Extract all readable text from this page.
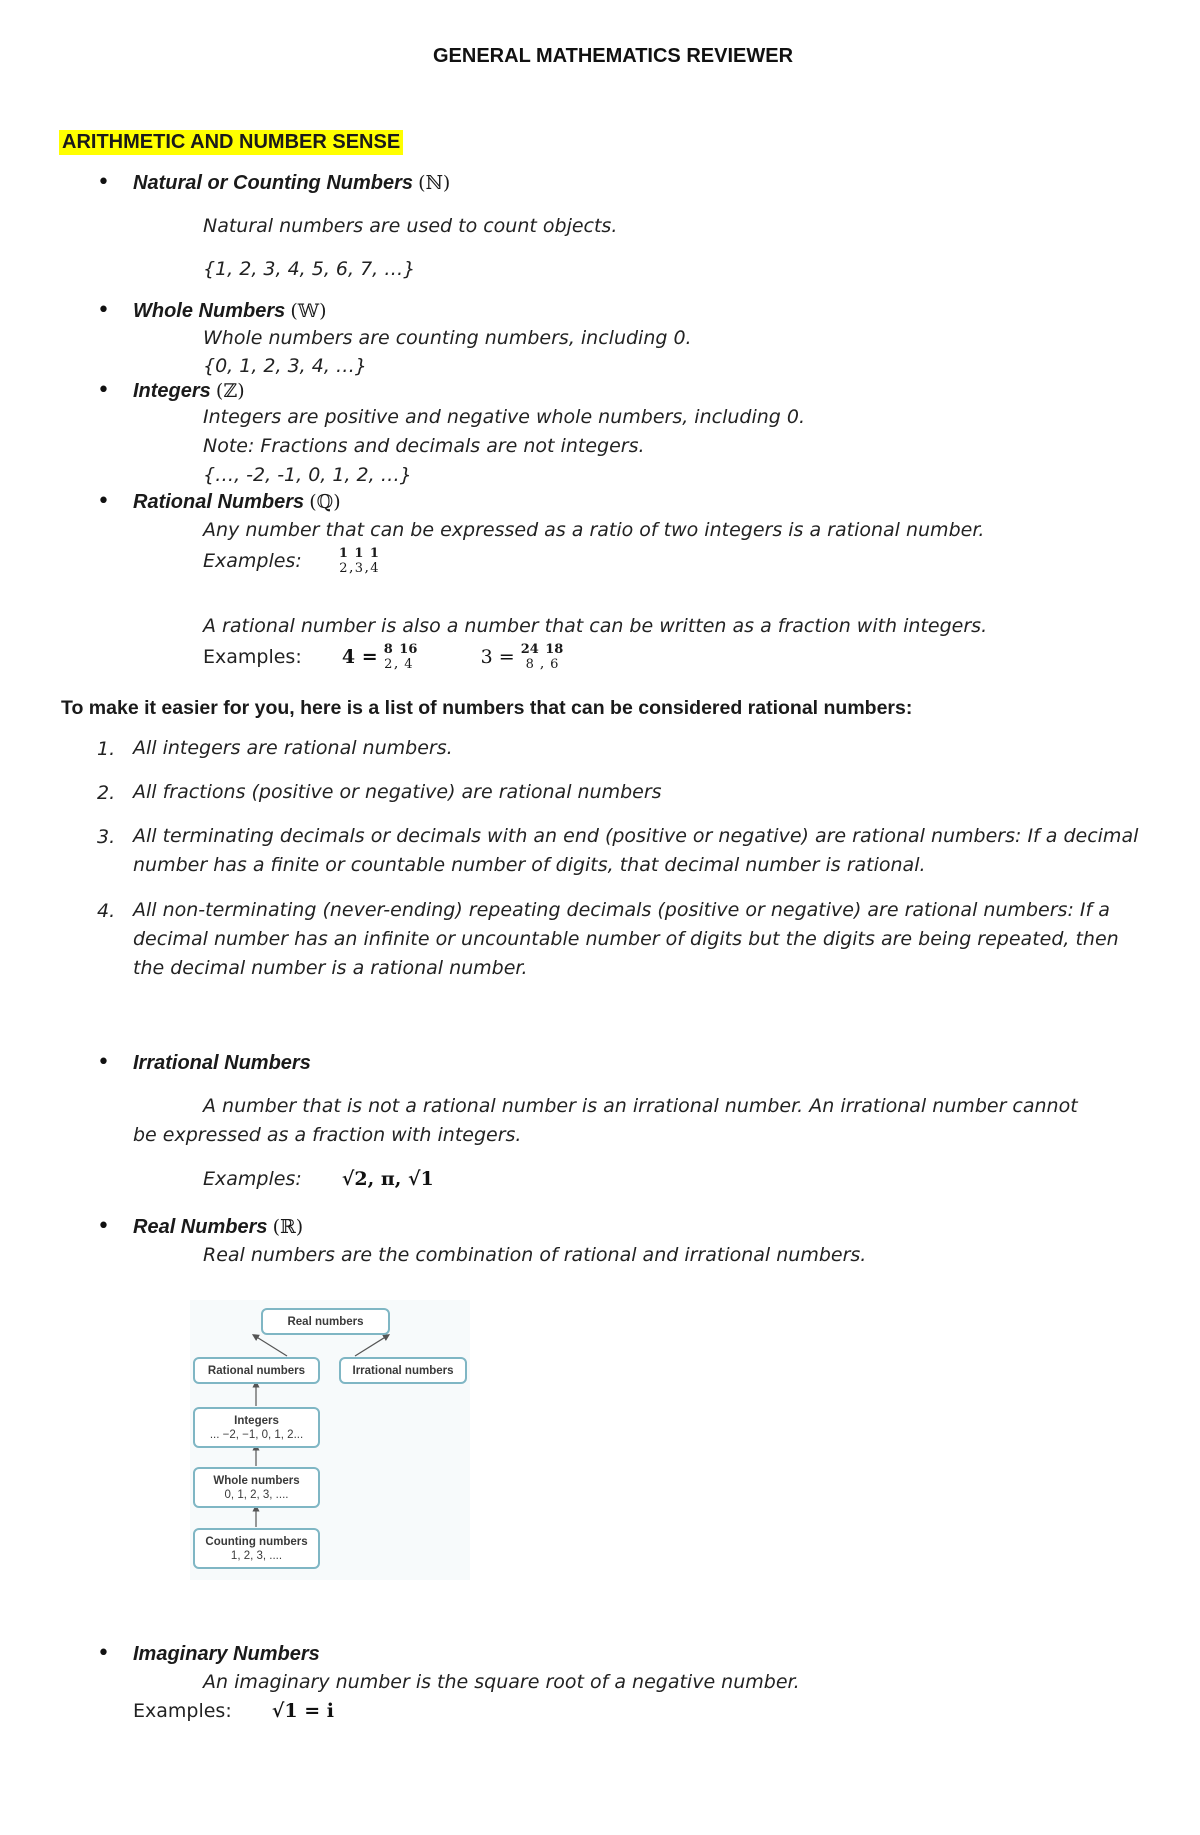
GENERAL MATHEMATICS REVIEWER
ARITHMETIC AND NUMBER SENSE
• Natural or Counting Numbers (ℕ)
Natural numbers are used to count objects.
{1, 2, 3, 4, 5, 6, 7, …}
• Whole Numbers (𝕎)
Whole numbers are counting numbers, including 0.
{0, 1, 2, 3, 4, …}
• Integers (ℤ)
Integers are positive and negative whole numbers, including 0.
Note: Fractions and decimals are not integers.
{…, -2, -1, 0, 1, 2, …}
• Rational Numbers (ℚ)
Any number that can be expressed as a ratio of two integers is a rational number.
Examples:	1
2 ,
1
3 ,
1
4
A rational number is also a number that can be written as a fraction with integers.
Examples: 4 = 8
2 ,
16
4	3 = 24
8 ,
18
6
To make it easier for you, here is a list of numbers that can be considered rational numbers:
1. All integers are rational numbers.
2. All fractions (positive or negative) are rational numbers
3. All terminating decimals or decimals with an end (positive or negative) are rational numbers: If a decimal number has a finite or countable number of digits, that decimal number is rational.
4. All non-terminating (never-ending) repeating decimals (positive or negative) are rational numbers: If a decimal number has an infinite or uncountable number of digits but the digits are being repeated, then the decimal number is a rational number.
• Irrational Numbers
A number that is not a rational number is an irrational number. An irrational number cannot
be expressed as a fraction with integers.
Examples: √2, π, √1
• Real Numbers (ℝ)
Real numbers are the combination of rational and irrational numbers.
Real numbers
Rational numbers	Irrational numbers
Integers
... −2, −1, 0, 1, 2...
Whole numbers
0, 1, 2, 3, ....
Counting numbers
1, 2, 3, ....
• Imaginary Numbers
An imaginary number is the square root of a negative number.
Examples: √1 = i
